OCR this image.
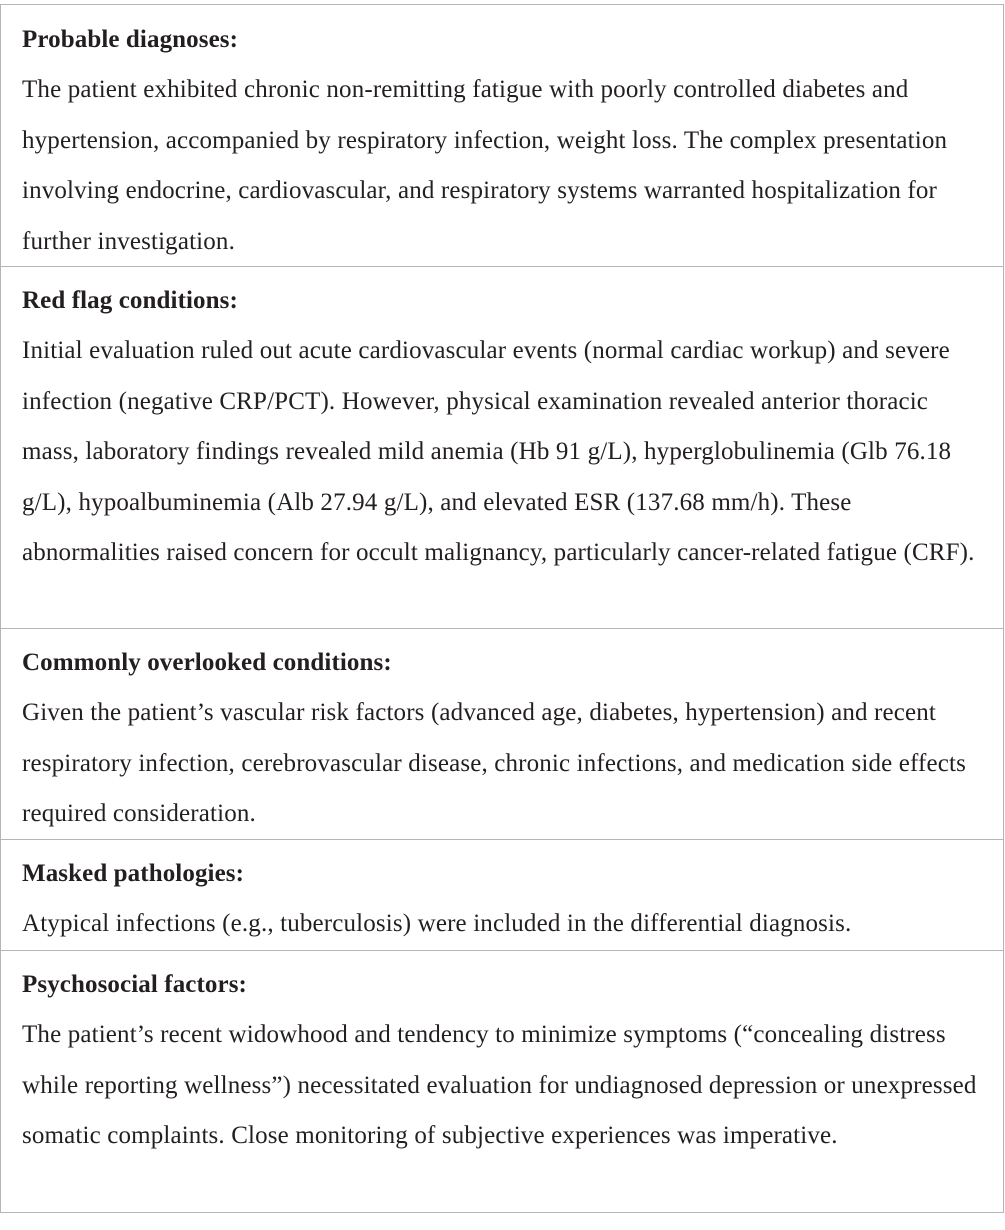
Probable diagnoses:
The patient exhibited chronic non-remitting fatigue with poorly controlled diabetes and hypertension, accompanied by respiratory infection, weight loss. The complex presentation involving endocrine, cardiovascular, and respiratory systems warranted hospitalization for further investigation.
Red flag conditions:
Initial evaluation ruled out acute cardiovascular events (normal cardiac workup) and severe infection (negative CRP/PCT). However, physical examination revealed anterior thoracic mass, laboratory findings revealed mild anemia (Hb 91 g/L), hyperglobulinemia (Glb 76.18 g/L), hypoalbuminemia (Alb 27.94 g/L), and elevated ESR (137.68 mm/h). These abnormalities raised concern for occult malignancy, particularly cancer-related fatigue (CRF).
Commonly overlooked conditions:
Given the patient’s vascular risk factors (advanced age, diabetes, hypertension) and recent respiratory infection, cerebrovascular disease, chronic infections, and medication side effects required consideration.
Masked pathologies:
Atypical infections (e.g., tuberculosis) were included in the differential diagnosis.
Psychosocial factors:
The patient’s recent widowhood and tendency to minimize symptoms (“concealing distress while reporting wellness”) necessitated evaluation for undiagnosed depression or unexpressed somatic complaints. Close monitoring of subjective experiences was imperative.
